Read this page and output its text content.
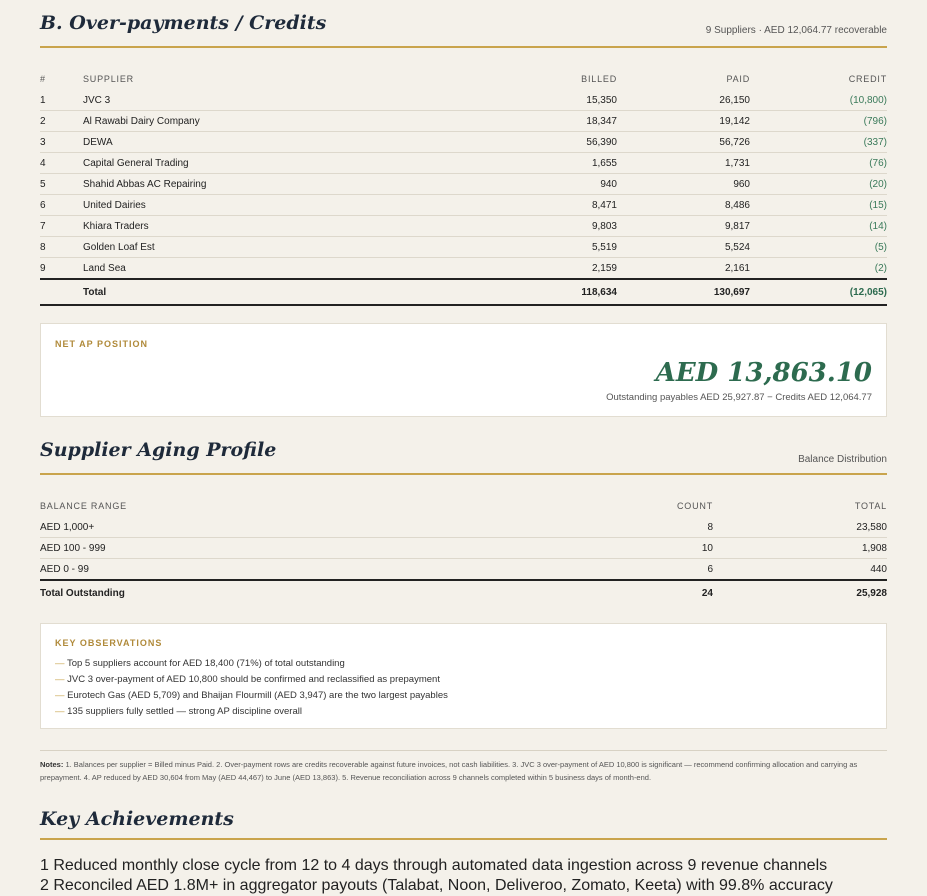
B. Over-payments / Credits	9 Suppliers · AED 12,064.77 recoverable
#	SUPPLIER	BILLED	PAID	CREDIT
1	JVC 3	15,350	26,150	(10,800)
2	Al Rawabi Dairy Company	18,347	19,142	(796)
3	DEWA	56,390	56,726	(337)
4	Capital General Trading	1,655	1,731	(76)
5	Shahid Abbas AC Repairing	940	960	(20)
6	United Dairies	8,471	8,486	(15)
7	Khiara Traders	9,803	9,817	(14)
8	Golden Loaf Est	5,519	5,524	(5)
9	Land Sea	2,159	2,161	(2)
	Total	118,634	130,697	(12,065)
NET AP POSITION
AED 13,863.10
Outstanding payables AED 25,927.87 − Credits AED 12,064.77
Supplier Aging Profile	Balance Distribution
BALANCE RANGE	COUNT	TOTAL
AED 1,000+	8	23,580
AED 100 - 999	10	1,908
AED 0 - 99	6	440
Total Outstanding	24	25,928
KEY OBSERVATIONS
— Top 5 suppliers account for AED 18,400 (71%) of total outstanding
— JVC 3 over-payment of AED 10,800 should be confirmed and reclassified as prepayment
— Eurotech Gas (AED 5,709) and Bhaijan Flourmill (AED 3,947) are the two largest payables
— 135 suppliers fully settled — strong AP discipline overall
Notes: 1. Balances per supplier = Billed minus Paid. 2. Over-payment rows are credits recoverable against future invoices, not cash liabilities. 3. JVC 3 over-payment of AED 10,800 is significant — recommend confirming allocation and carrying as prepayment. 4. AP reduced by AED 30,604 from May (AED 44,467) to June (AED 13,863). 5. Revenue reconciliation across 9 channels completed within 5 business days of month-end.
Key Achievements
1 Reduced monthly close cycle from 12 to 4 days through automated data ingestion across 9 revenue channels
2 Reconciled AED 1.8M+ in aggregator payouts (Talabat, Noon, Deliveroo, Zomato, Keeta) with 99.8% accuracy
